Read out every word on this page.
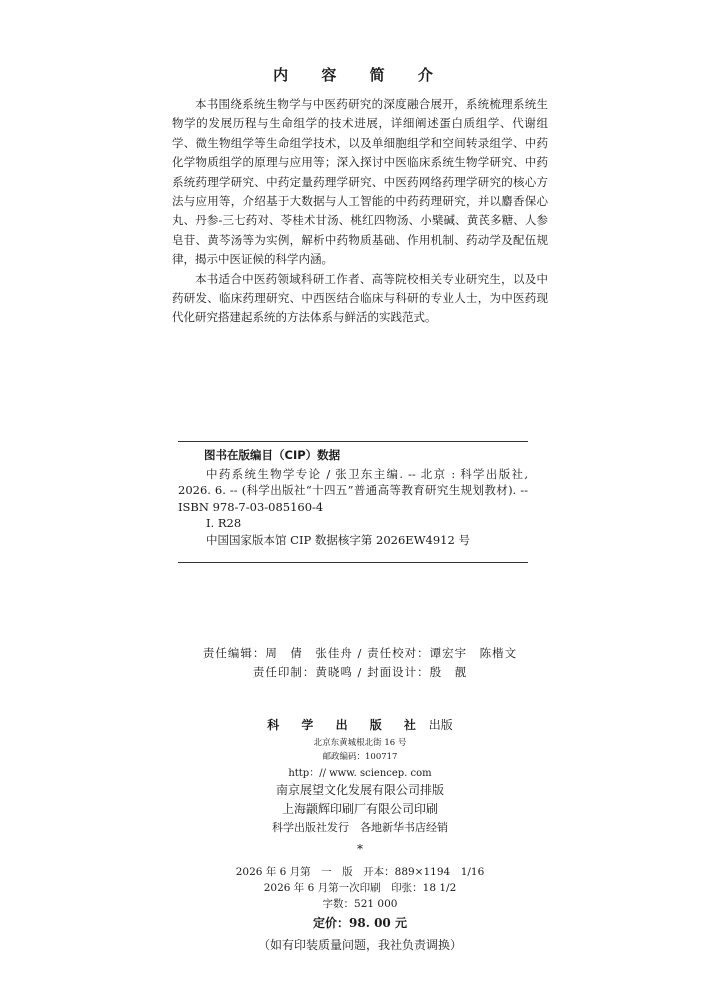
内 容 简 介

本书围绕系统生物学与中医药研究的深度融合展开，系统梳理系统生物学的发展历程与生命组学的技术进展，详细阐述蛋白质组学、代谢组学、微生物组学等生命组学技术，以及单细胞组学和空间转录组学、中药化学物质组学的原理与应用等；深入探讨中医临床系统生物学研究、中药系统药理学研究、中药定量药理学研究、中医药网络药理学研究的核心方法与应用等，介绍基于大数据与人工智能的中药药理研究，并以麝香保心丸、丹参-三七药对、苓桂术甘汤、桃红四物汤、小檗碱、黄芪多糖、人参皂苷、黄芩汤等为实例，解析中药物质基础、作用机制、药动学及配伍规律，揭示中医证候的科学内涵。

本书适合中医药领域科研工作者、高等院校相关专业研究生，以及中药研发、临床药理研究、中西医结合临床与科研的专业人士，为中医药现代化研究搭建起系统的方法体系与鲜活的实践范式。

图书在版编目（CIP）数据
中药系统生物学专论 / 张卫东主编. -- 北京 : 科学出版社, 2026. 6. -- (科学出版社“十四五”普通高等教育研究生规划教材). -- ISBN 978-7-03-085160-4
Ⅰ. R28
中国国家版本馆 CIP 数据核字第 2026EW4912 号
责任编辑：周　倩　张佳舟 / 责任校对：谭宏宇　陈楷文
责任印制：黄晓鸣 / 封面设计：殷　靓
科 学 出 版 社 出版
北京东黄城根北街 16 号
邮政编码：100717
http：// www. sciencep. com
南京展望文化发展有限公司排版
上海颛辉印刷厂有限公司印刷
科学出版社发行　各地新华书店经销
*
2026 年 6 月第　一　版　开本：889×1194　1/16
2026 年 6 月第一次印刷　印张：18 1/2
字数：521 000
定价：98. 00 元
（如有印装质量问题，我社负责调换）
